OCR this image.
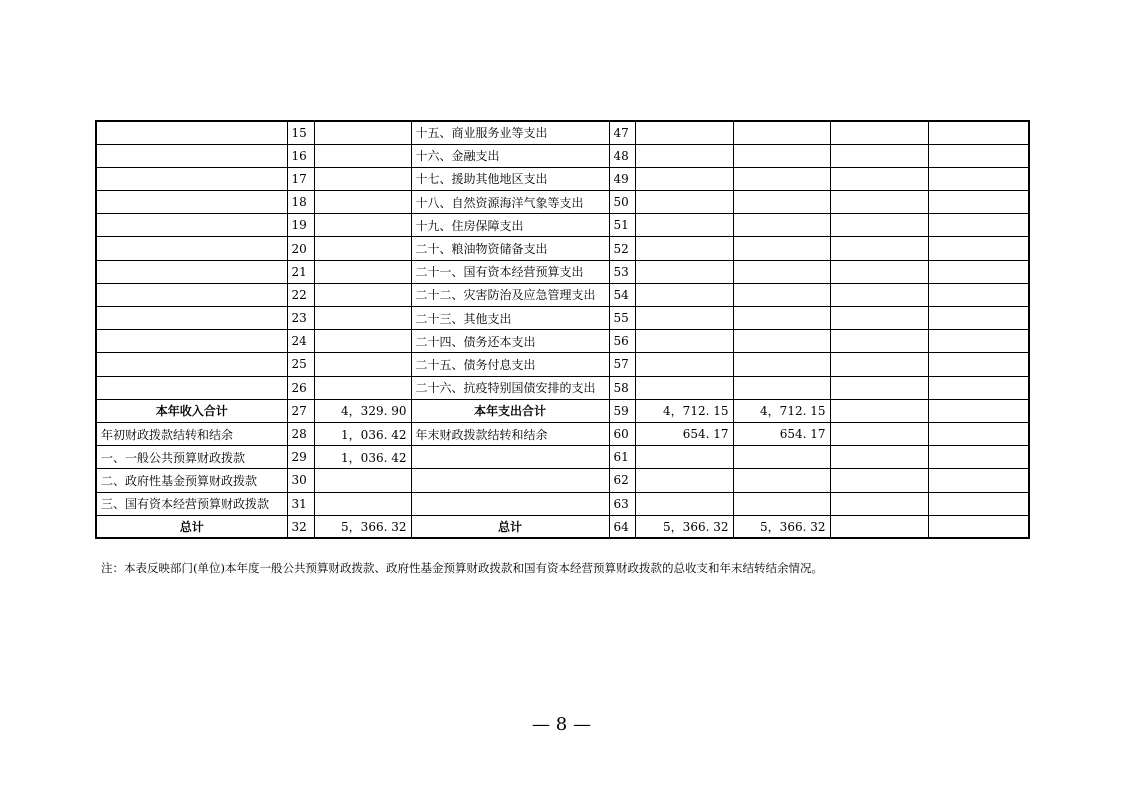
	15		十五、商业服务业等支出	47				
	16		十六、金融支出	48				
	17		十七、援助其他地区支出	49				
	18		十八、自然资源海洋气象等支出	50				
	19		十九、住房保障支出	51				
	20		二十、粮油物资储备支出	52				
	21		二十一、国有资本经营预算支出	53				
	22		二十二、灾害防治及应急管理支出	54				
	23		二十三、其他支出	55				
	24		二十四、债务还本支出	56				
	25		二十五、债务付息支出	57				
	26		二十六、抗疫特别国债安排的支出	58				
本年收入合计	27	4，329. 90	本年支出合计	59	4，712. 15	4，712. 15		
年初财政拨款结转和结余	28	1，036. 42	年末财政拨款结转和结余	60	654. 17	654. 17		
一、一般公共预算财政拨款	29	1，036. 42		61				
二、政府性基金预算财政拨款	30			62				
三、国有资本经营预算财政拨款	31			63				
总计	32	5，366. 32	总计	64	5，366. 32	5，366. 32		
注：本表反映部门(单位)本年度一般公共预算财政拨款、政府性基金预算财政拨款和国有资本经营预算财政拨款的总收支和年末结转结余情况。
— 8 —
